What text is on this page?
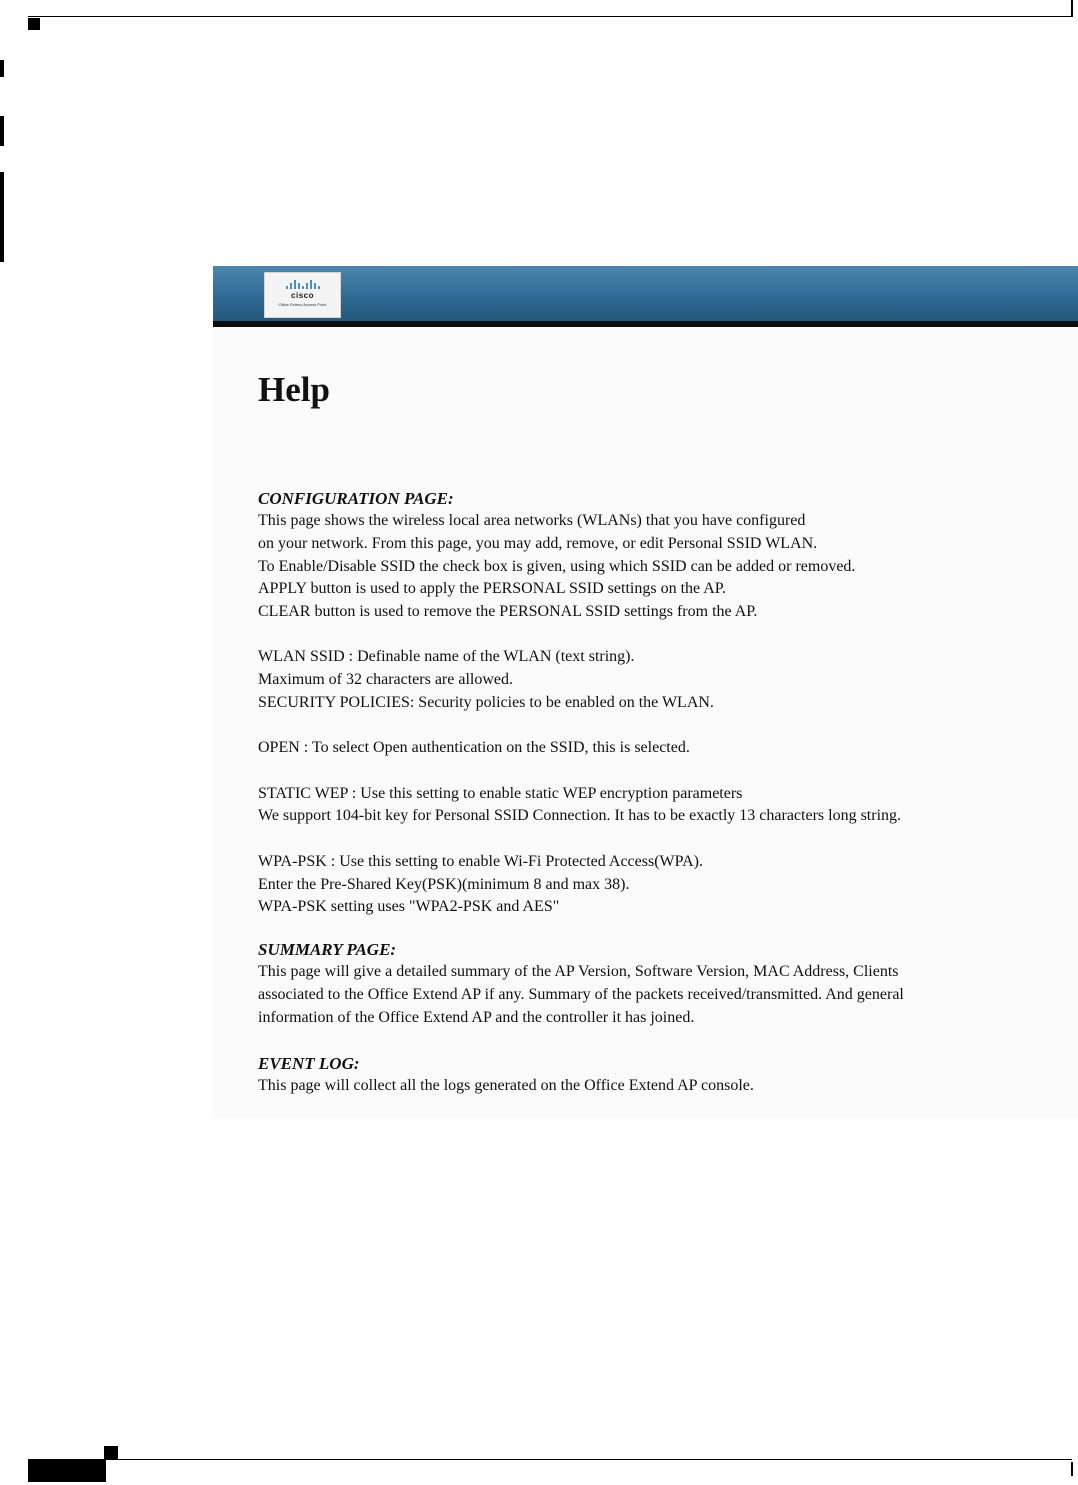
cisco
Office Extend Access Point
Help

CONFIGURATION PAGE:

This page shows the wireless local area networks (WLANs) that you have configured

on your network. From this page, you may add, remove, or edit Personal SSID WLAN.

To Enable/Disable SSID the check box is given, using which SSID can be added or removed.

APPLY button is used to apply the PERSONAL SSID settings on the AP.

CLEAR button is used to remove the PERSONAL SSID settings from the AP.

WLAN SSID : Definable name of the WLAN (text string).

Maximum of 32 characters are allowed.

SECURITY POLICIES: Security policies to be enabled on the WLAN.

OPEN : To select Open authentication on the SSID, this is selected.

STATIC WEP : Use this setting to enable static WEP encryption parameters

We support 104-bit key for Personal SSID Connection. It has to be exactly 13 characters long string.

WPA-PSK : Use this setting to enable Wi-Fi Protected Access(WPA).

Enter the Pre-Shared Key(PSK)(minimum 8 and max 38).

WPA-PSK setting uses "WPA2-PSK and AES"

SUMMARY PAGE:

This page will give a detailed summary of the AP Version, Software Version, MAC Address, Clients

associated to the Office Extend AP if any. Summary of the packets received/transmitted. And general

information of the Office Extend AP and the controller it has joined.

EVENT LOG:

This page will collect all the logs generated on the Office Extend AP console.
